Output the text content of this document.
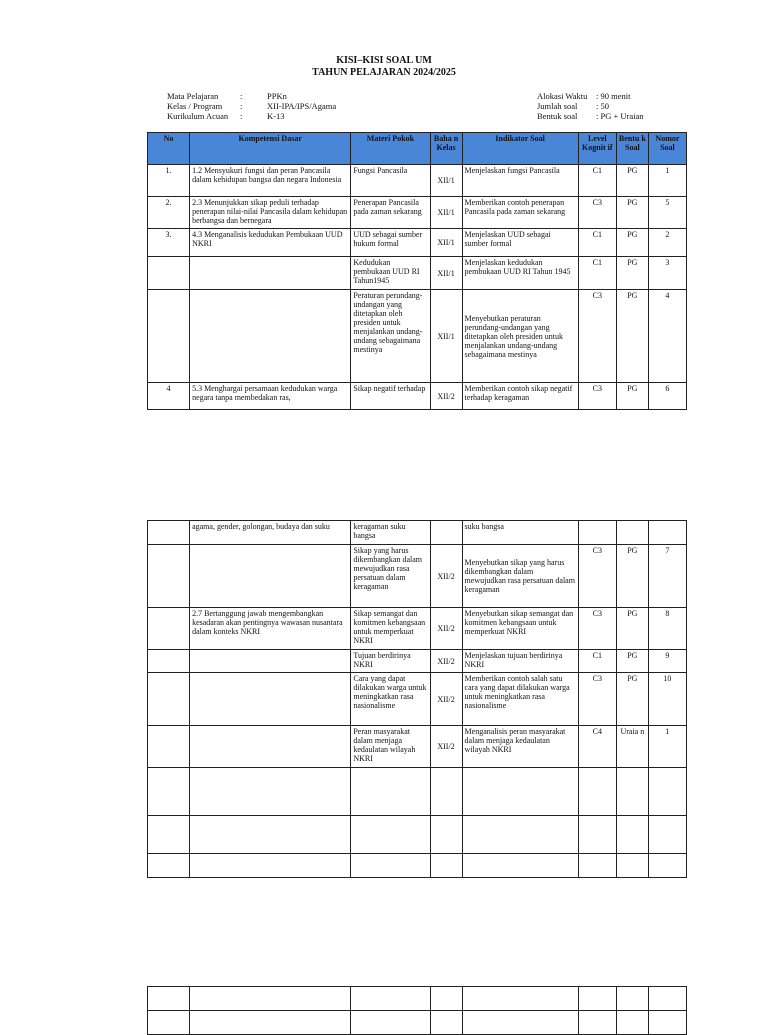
KISI–KISI SOAL UM
TAHUN PELAJARAN 2024/2025
Mata Pelajaran	:	PPKn
Kelas / Program	:	XII-IPA/IPS/Agama
Kurikulum Acuan	:	K-13
Alokasi Waktu	: 90 menit
Jumlah soal	: 50
Bentuk soal	: PG + Uraian
No	Kompetensi Dasar	Materi Pokok	Baha n Kelas	Indikator Soal	Level Kognit if	Bentu k Soal	Nomor Soal
1.	1.2 Mensyukuri fungsi dan peran Pancasila dalam kehidupan bangsa dan negara Indonesia	Fungsi Pancasila	XII/1	Menjelaskan fungsi Pancasila	C1	PG	1
2.	2.3 Menunjukkan sikap peduli terhadap penerapan nilai-nilai Pancasila dalam kehidupan berbangsa dan bernegara	Penerapan Pancasila pada zaman sekarang	XII/1	Memberikan contoh penerapan Pancasila pada zaman sekarang	C3	PG	5
3.	4.3 Menganalisis kedudukan Pembukaan UUD NKRI	UUD sebagai sumber hukum formal	XII/1	Menjelaskan UUD sebagai sumber formal	C1	PG	2
		Kedudukan pembukaan UUD RI Tahun1945	XII/1	Menjelaskan kedudukan pembukaan UUD RI Tahun 1945	C1	PG	3
		Peraturan perundang-undangan yang ditetapkan oleh presiden untuk menjalankan undang-undang sebagaimana mestinya	XII/1	Menyebutkan peraturan perundang-undangan yang ditetapkan oleh presiden untuk menjalankan undang-undang sebagaimana mestinya	C3	PG	4
4	5.3 Menghargai persamaan kedudukan warga negara tanpa membedakan ras,	Sikap negatif terhadap	XII/2	Memberikan contoh sikap negatif terhadap keragaman	C3	PG	6
	agama, gender, golongan, budaya dan suku	keragaman suku bangsa		suku bangsa			
		Sikap yang harus dikembangkan dalam mewujudkan rasa persatuan dalam keragaman	XII/2	Menyebutkan sikap yang harus dikembangkan dalam mewujudkan rasa persatuan dalam keragaman	C3	PG	7
	2.7 Bertanggung jawab mengembangkan kesadaran akan pentingnya wawasan nusantara dalam konteks NKRI	Sikap semangat dan komitmen kebangsaan untuk memperkuat NKRI	XII/2	Menyebutkan sikap semangat dan komitmen kebangsaan untuk memperkuat NKRI	C3	PG	8
		Tujuan berdirinya NKRI	XII/2	Menjelaskan tujuan berdirinya NKRI	C1	PG	9
		Cara yang dapat dilakukan warga untuk meningkatkan rasa nasionalisme	XII/2	Memberikan contoh salah satu cara yang dapat dilakukan warga untuk meningkatkan rasa nasionalisme	C3	PG	10
		Peran masyarakat dalam menjaga kedaulatan wilayah NKRI	XII/2	Menganalisis peran masyarakat dalam menjaga kedaulatan wilayah NKRI	C4	Uraia n	1
